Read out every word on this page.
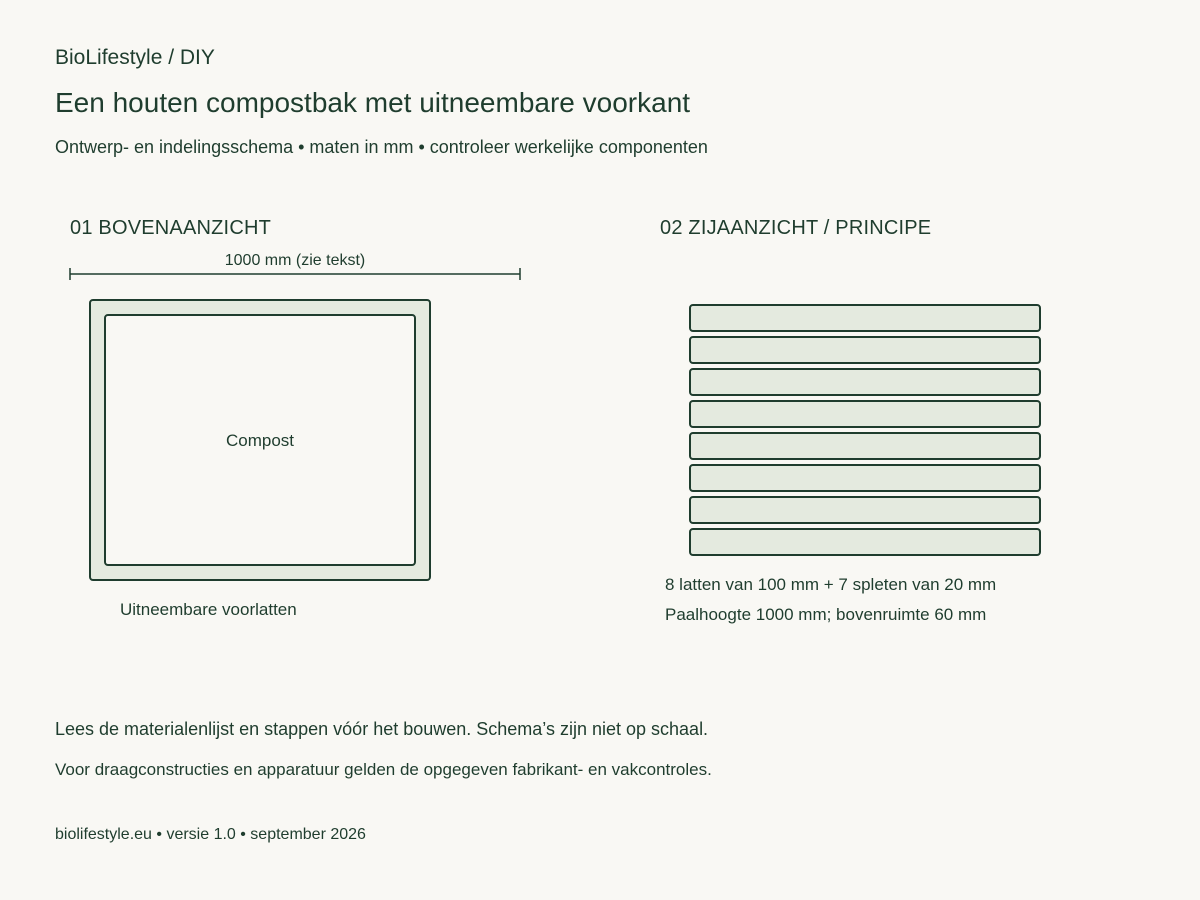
BioLifestyle / DIY
Een houten compostbak met uitneembare voorkant
Ontwerp- en indelingsschema • maten in mm • controleer werkelijke componenten
01 BOVENAANZICHT	02 ZIJAANZICHT / PRINCIPE
1000 mm (zie tekst)
Compost
Uitneembare voorlatten
8 latten van 100 mm + 7 spleten van 20 mm
Paalhoogte 1000 mm; bovenruimte 60 mm
Lees de materialenlijst en stappen vóór het bouwen. Schema’s zijn niet op schaal.
Voor draagconstructies en apparatuur gelden de opgegeven fabrikant- en vakcontroles.
biolifestyle.eu • versie 1.0 • september 2026
